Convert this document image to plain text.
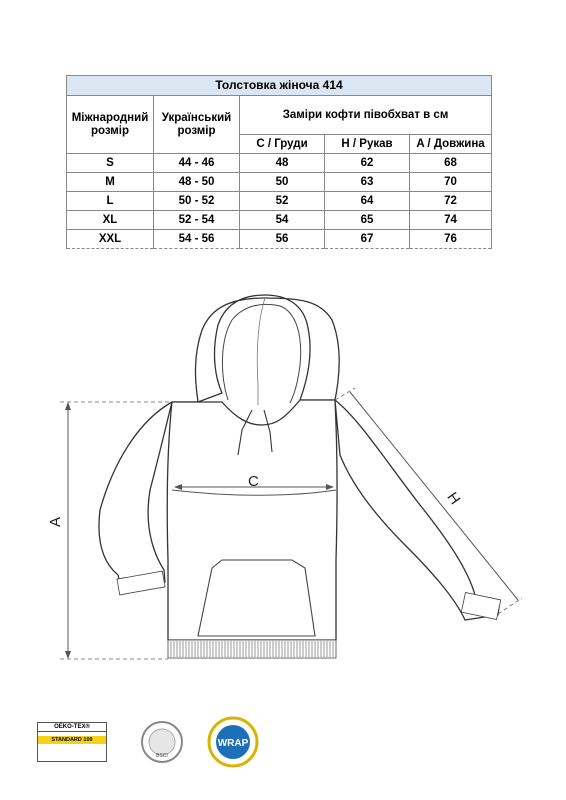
Толстовка жіноча 414				
Міжнародний розмір	Український розмір	Заміри кофти півобхват в см		
		C / Груди	H / Рукав	A / Довжина
S	44 - 46	48	62	68
M	48 - 50	50	63	70
L	50 - 52	52	64	72
XL	52 - 54	54	65	74
XXL	54 - 56	56	67	76
C
A
H
OEKO-TEX®
STANDARD 100
BSCI
WRAP
